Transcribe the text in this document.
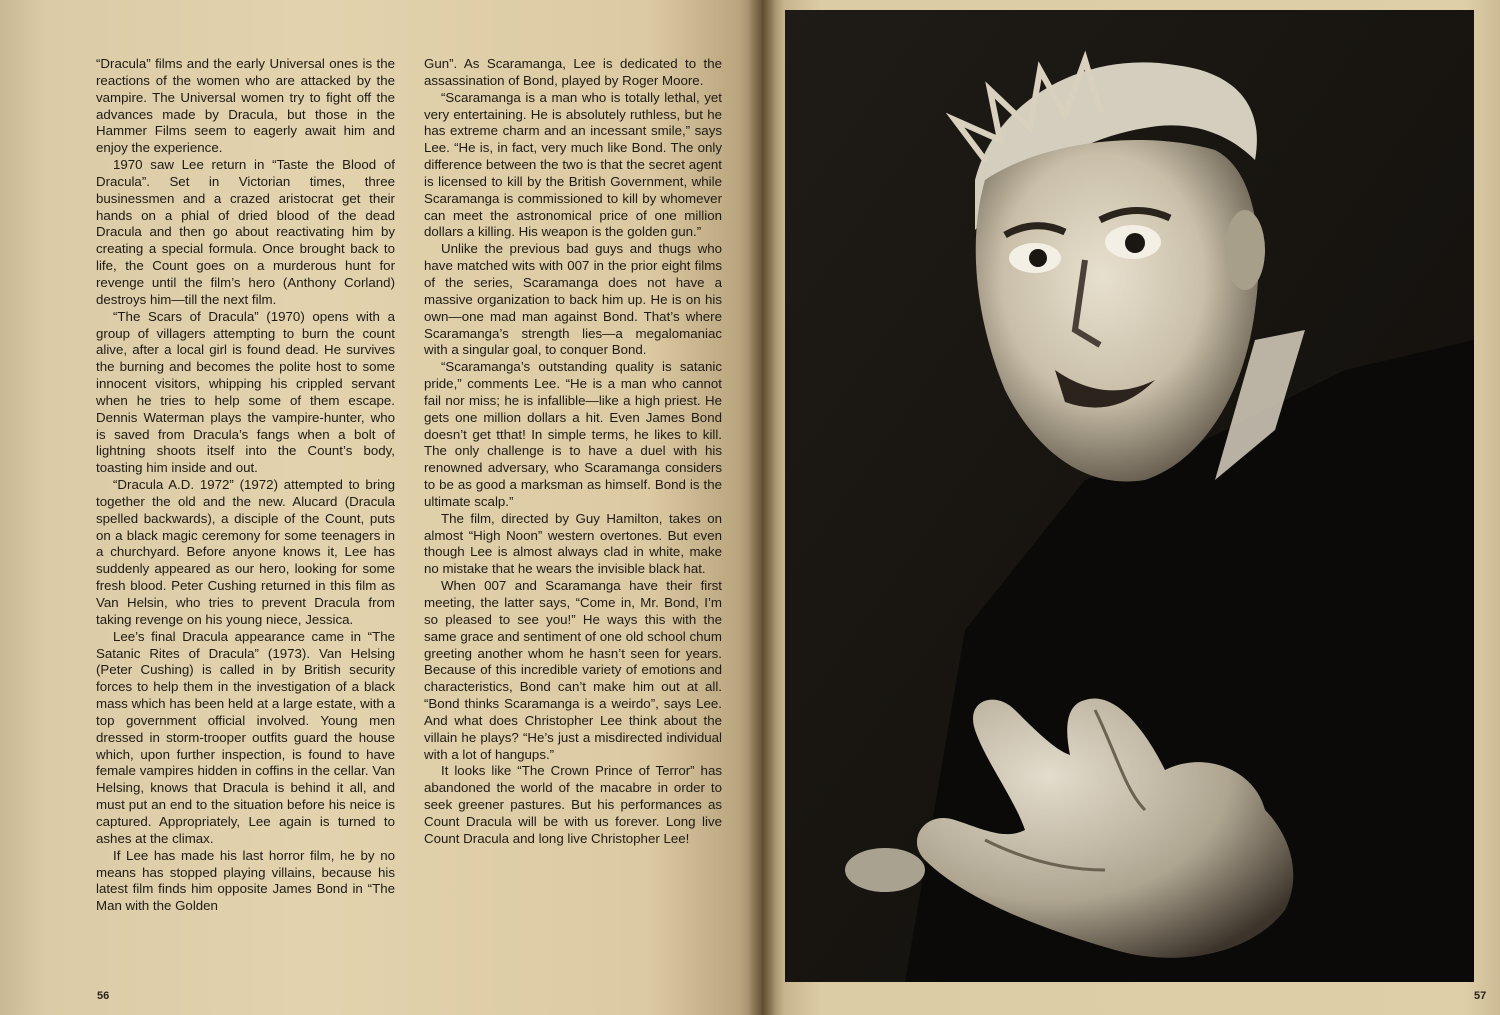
“Dracula” films and the early Universal ones is the reactions of the women who are attacked by the vampire. The Universal women try to fight off the advances made by Dracula, but those in the Hammer Films seem to eagerly await him and enjoy the experience.

1970 saw Lee return in “Taste the Blood of Dracula”. Set in Victorian times, three businessmen and a crazed aristocrat get their hands on a phial of dried blood of the dead Dracula and then go about reactivating him by creating a special formula. Once brought back to life, the Count goes on a murderous hunt for revenge until the film’s hero (Anthony Corland) destroys him—till the next film.

“The Scars of Dracula” (1970) opens with a group of villagers attempting to burn the count alive, after a local girl is found dead. He survives the burning and becomes the polite host to some innocent visitors, whipping his crippled servant when he tries to help some of them escape. Dennis Waterman plays the vampire-hunter, who is saved from Dracula’s fangs when a bolt of lightning shoots itself into the Count’s body, toasting him inside and out.

“Dracula A.D. 1972” (1972) attempted to bring together the old and the new. Alucard (Dracula spelled backwards), a disciple of the Count, puts on a black magic ceremony for some teenagers in a churchyard. Before anyone knows it, Lee has suddenly appeared as our hero, looking for some fresh blood. Peter Cushing returned in this film as Van Helsin, who tries to prevent Dracula from taking revenge on his young niece, Jessica.

Lee’s final Dracula appearance came in “The Satanic Rites of Dracula” (1973). Van Helsing (Peter Cushing) is called in by British security forces to help them in the investigation of a black mass which has been held at a large estate, with a top government official involved. Young men dressed in storm-trooper outfits guard the house which, upon further inspection, is found to have female vampires hidden in coffins in the cellar. Van Helsing, knows that Dracula is behind it all, and must put an end to the situation before his neice is captured. Appropriately, Lee again is turned to ashes at the climax.

If Lee has made his last horror film, he by no means has stopped playing villains, because his latest film finds him opposite James Bond in “The Man with the Golden

Gun”. As Scaramanga, Lee is dedicated to the assassination of Bond, played by Roger Moore.

“Scaramanga is a man who is totally lethal, yet very entertaining. He is absolutely ruthless, but he has extreme charm and an incessant smile,” says Lee. “He is, in fact, very much like Bond. The only difference between the two is that the secret agent is licensed to kill by the British Government, while Scaramanga is commissioned to kill by whomever can meet the astronomical price of one million dollars a killing. His weapon is the golden gun.”

Unlike the previous bad guys and thugs who have matched wits with 007 in the prior eight films of the series, Scaramanga does not have a massive organization to back him up. He is on his own—one mad man against Bond. That’s where Scaramanga’s strength lies—a megalomaniac with a singular goal, to conquer Bond.

“Scaramanga’s outstanding quality is satanic pride,” comments Lee. “He is a man who cannot fail nor miss; he is infallible—like a high priest. He gets one million dollars a hit. Even James Bond doesn’t get tthat! In simple terms, he likes to kill. The only challenge is to have a duel with his renowned adversary, who Scaramanga considers to be as good a marksman as himself. Bond is the ultimate scalp.”

The film, directed by Guy Hamilton, takes on almost “High Noon” western overtones. But even though Lee is almost always clad in white, make no mistake that he wears the invisible black hat.

When 007 and Scaramanga have their first meeting, the latter says, “Come in, Mr. Bond, I’m so pleased to see you!” He ways this with the same grace and sentiment of one old school chum greeting another whom he hasn’t seen for years. Because of this incredible variety of emotions and characteristics, Bond can’t make him out at all. “Bond thinks Scaramanga is a weirdo”, says Lee. And what does Christopher Lee think about the villain he plays? “He’s just a misdirected individual with a lot of hangups.”

It looks like “The Crown Prince of Terror” has abandoned the world of the macabre in order to seek greener pastures. But his performances as Count Dracula will be with us forever. Long live Count Dracula and long live Christopher Lee!

56	57
